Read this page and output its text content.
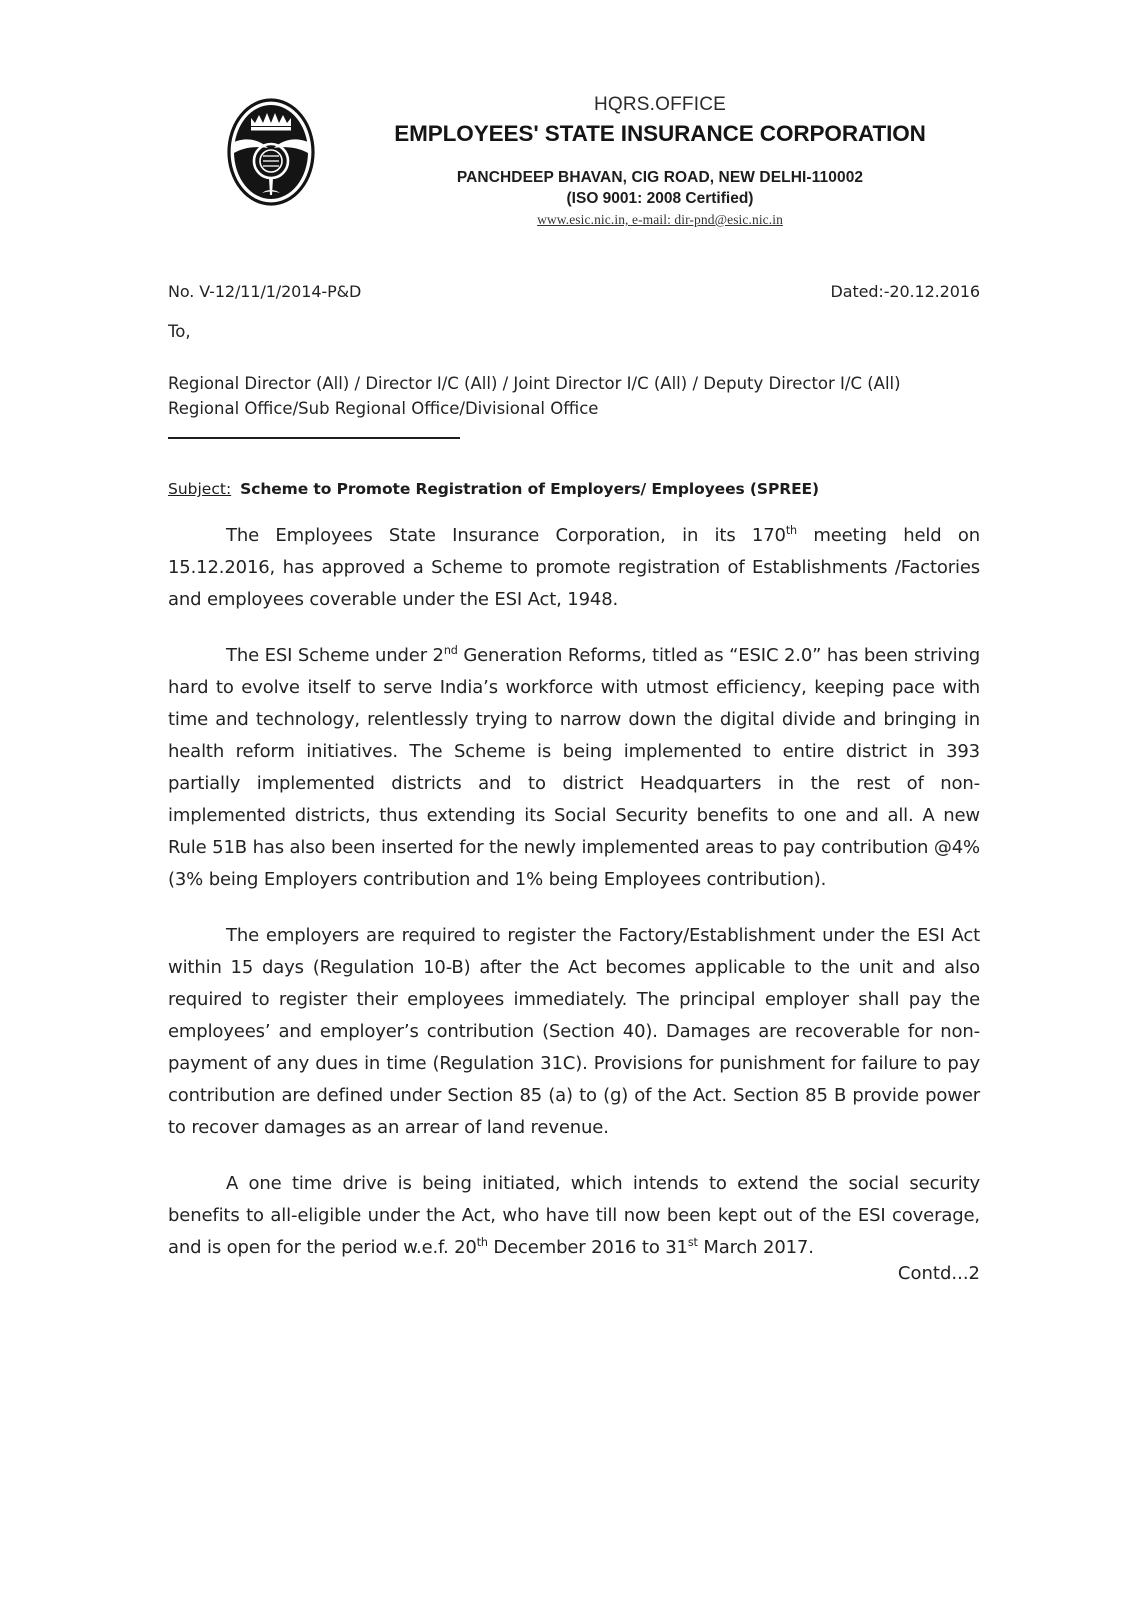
HQRS.OFFICE
EMPLOYEES' STATE INSURANCE CORPORATION
PANCHDEEP BHAVAN, CIG ROAD, NEW DELHI-110002
(ISO 9001: 2008 Certified)
www.esic.nic.in, e-mail: dir-pnd@esic.nic.in
No. V-12/11/1/2014-P&D	Dated:-20.12.2016
To,
Regional Director (All) / Director I/C (All) / Joint Director I/C (All) / Deputy Director I/C (All)
Regional Office/Sub Regional Office/Divisional Office
Subject: Scheme to Promote Registration of Employers/ Employees (SPREE)

The Employees State Insurance Corporation, in its 170th meeting held on 15.12.2016, has approved a Scheme to promote registration of Establishments /Factories and employees coverable under the ESI Act, 1948.

The ESI Scheme under 2nd Generation Reforms, titled as “ESIC 2.0” has been striving hard to evolve itself to serve India’s workforce with utmost efficiency, keeping pace with time and technology, relentlessly trying to narrow down the digital divide and bringing in health reform initiatives. The Scheme is being implemented to entire district in 393 partially implemented districts and to district Headquarters in the rest of non- implemented districts, thus extending its Social Security benefits to one and all. A new Rule 51B has also been inserted for the newly implemented areas to pay contribution @4% (3% being Employers contribution and 1% being Employees contribution).

The employers are required to register the Factory/Establishment under the ESI Act within 15 days (Regulation 10-B) after the Act becomes applicable to the unit and also required to register their employees immediately. The principal employer shall pay the employees’ and employer’s contribution (Section 40). Damages are recoverable for non-payment of any dues in time (Regulation 31C). Provisions for punishment for failure to pay contribution are defined under Section 85 (a) to (g) of the Act. Section 85 B provide power to recover damages as an arrear of land revenue.

A one time drive is being initiated, which intends to extend the social security benefits to all-eligible under the Act, who have till now been kept out of the ESI coverage, and is open for the period w.e.f. 20th December 2016 to 31st March 2017.

Contd...2
